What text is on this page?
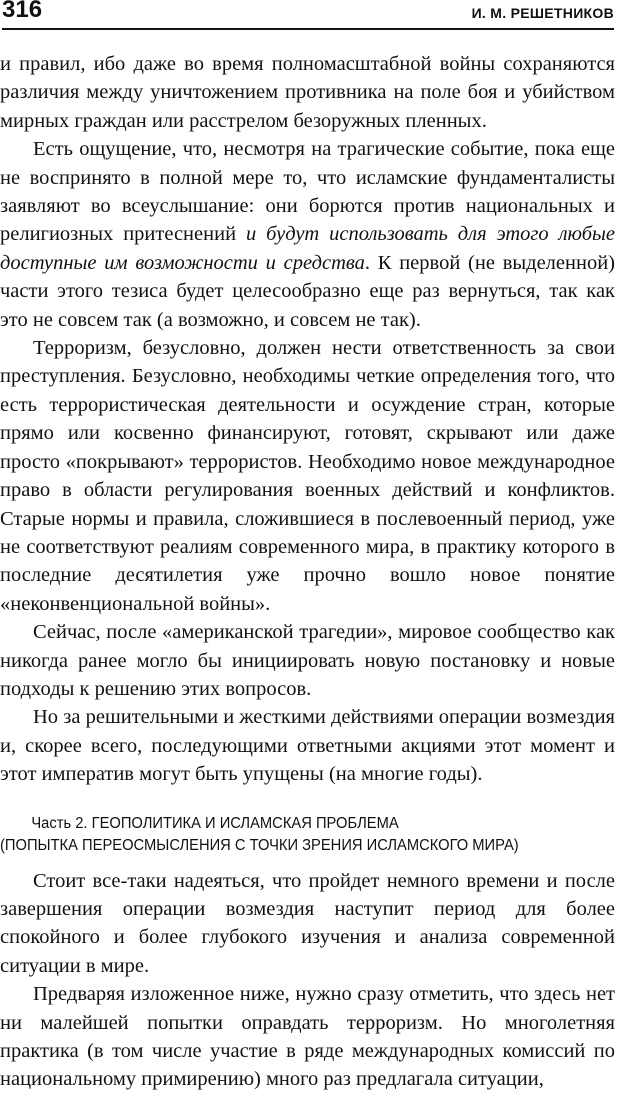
316	И. М. РЕШЕТНИКОВ

и правил, ибо даже во время полномасштабной войны сохраняются различия между уничтожением противника на поле боя и убийством мирных граждан или расстрелом безоружных пленных.

Есть ощущение, что, несмотря на трагические событие, пока еще не воспринято в полной мере то, что исламские фундаменталисты заявляют во всеуслышание: они борются против национальных и религиозных притеснений и будут использовать для этого любые доступные им возможности и средства. К первой (не выделенной) части этого тезиса будет целесообразно еще раз вернуться, так как это не совсем так (а возможно, и совсем не так).

Терроризм, безусловно, должен нести ответственность за свои преступления. Безусловно, необходимы четкие определения того, что есть террористическая деятельности и осуждение стран, которые прямо или косвенно финансируют, готовят, скрывают или даже просто «покрывают» террористов. Необходимо новое международное право в области регулирования военных действий и конфликтов. Старые нормы и правила, сложившиеся в послевоенный период, уже не соответствуют реалиям современного мира, в практику которого в последние десятилетия уже прочно вошло новое понятие «неконвенциональной войны».

Сейчас, после «американской трагедии», мировое сообщество как никогда ранее могло бы инициировать новую постановку и новые подходы к решению этих вопросов.

Но за решительными и жесткими действиями операции возмездия и, скорее всего, последующими ответными акциями этот момент и этот императив могут быть упущены (на многие годы).

Часть 2. ГЕОПОЛИТИКА И ИСЛАМСКАЯ ПРОБЛЕМА
(ПОПЫТКА ПЕРЕОСМЫСЛЕНИЯ С ТОЧКИ ЗРЕНИЯ ИСЛАМСКОГО МИРА)

Стоит все-таки надеяться, что пройдет немного времени и после завершения операции возмездия наступит период для более спокойного и более глубокого изучения и анализа современной ситуации в мире.

Предваряя изложенное ниже, нужно сразу отметить, что здесь нет ни малейшей попытки оправдать терроризм. Но многолетняя практика (в том числе участие в ряде международных комиссий по национальному примирению) много раз предлагала ситуации,
